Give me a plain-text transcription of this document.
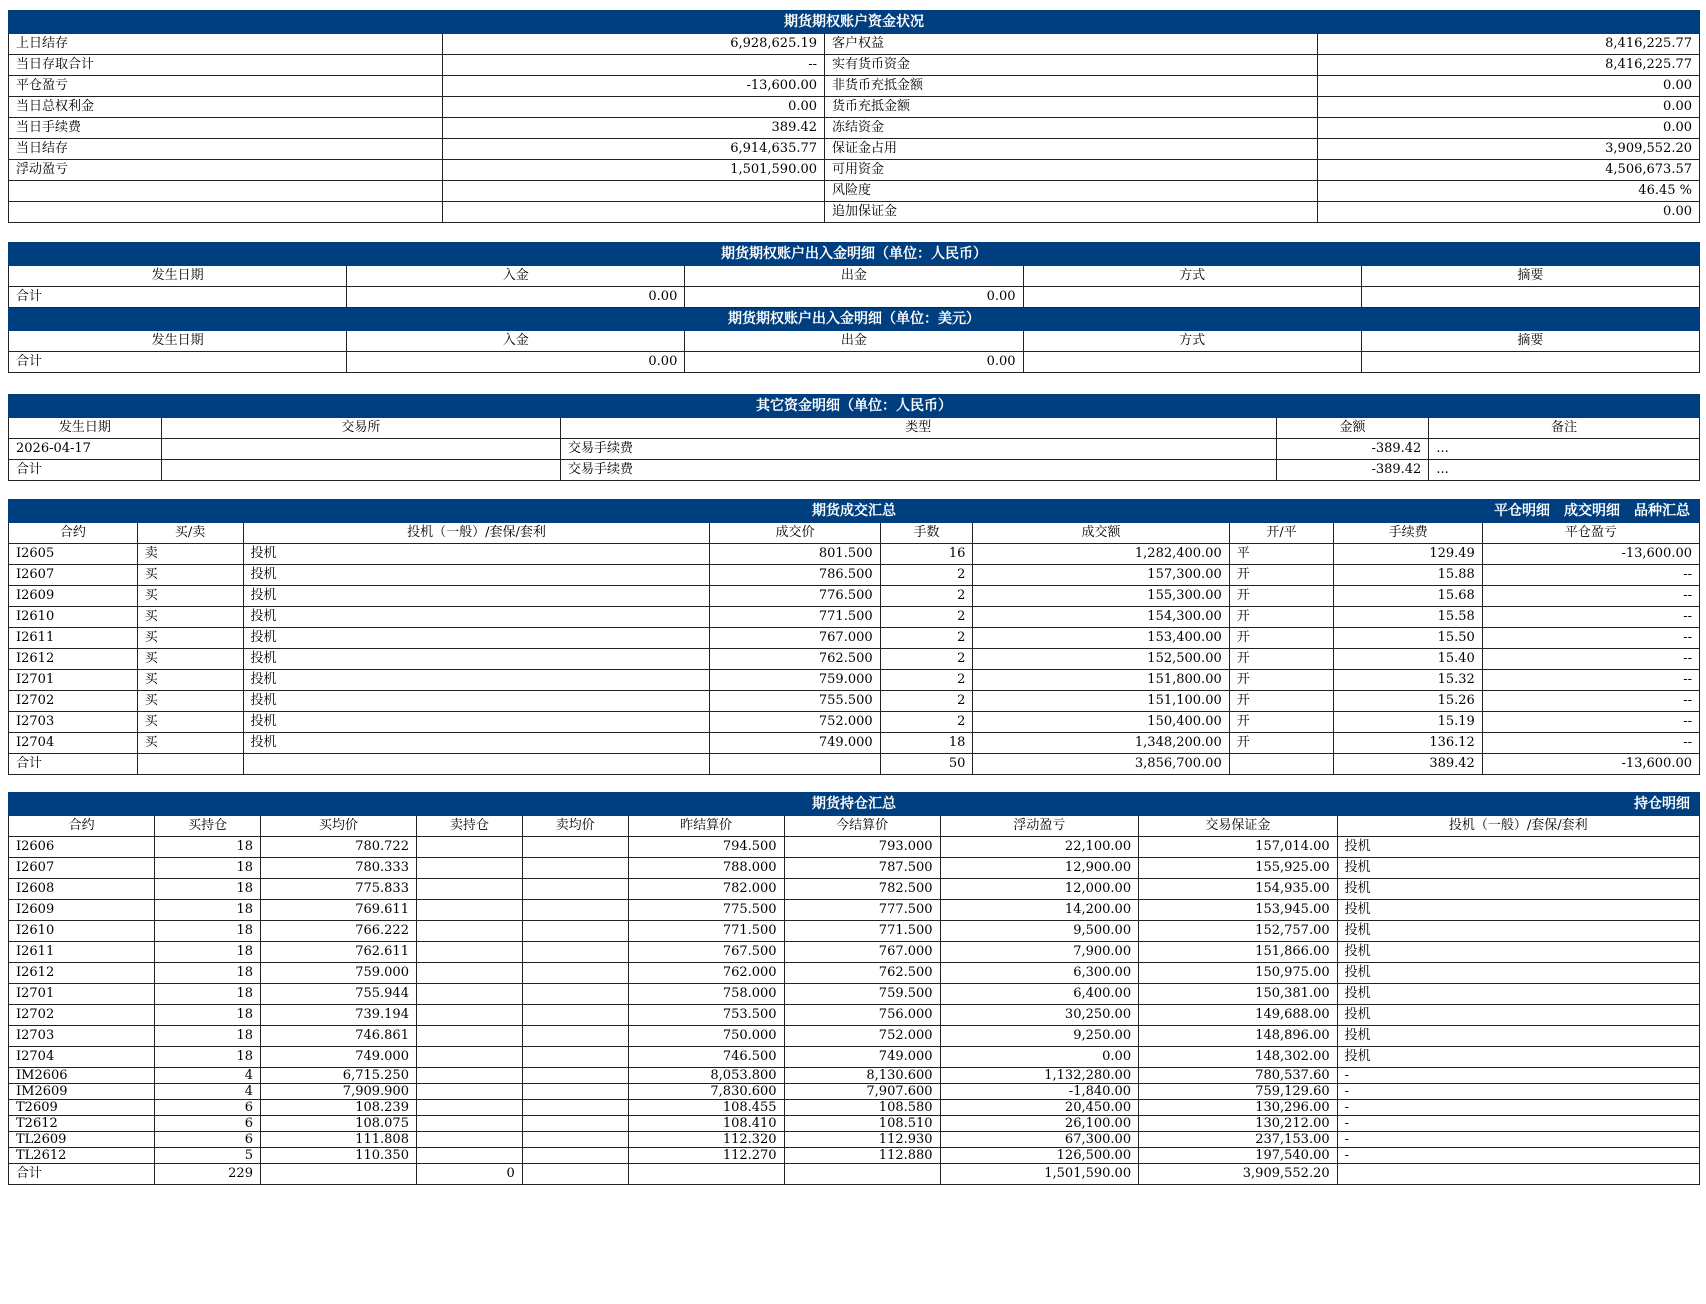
期货期权账户资金状况			
上日结存	6,928,625.19	客户权益	8,416,225.77
当日存取合计	--	实有货币资金	8,416,225.77
平仓盈亏	-13,600.00	非货币充抵金额	0.00
当日总权利金	0.00	货币充抵金额	0.00
当日手续费	389.42	冻结资金	0.00
当日结存	6,914,635.77	保证金占用	3,909,552.20
浮动盈亏	1,501,590.00	可用资金	4,506,673.57
		风险度	46.45 %
		追加保证金	0.00
期货期权账户出入金明细（单位：人民币）				
发生日期	入金	出金	方式	摘要
合计	0.00	0.00		
期货期权账户出入金明细（单位：美元）				
发生日期	入金	出金	方式	摘要
合计	0.00	0.00		
其它资金明细（单位：人民币）				
发生日期	交易所	类型	金额	备注
2026-04-17		交易手续费	-389.42	...
合计		交易手续费	-389.42	...
期货成交汇总 平仓明细 成交明细 品种汇总								

合约	买/卖	投机（一般）/套保/套利	成交价	手数	成交额	开/平	手续费	平仓盈亏
I2605	卖	投机	801.500	16	1,282,400.00	平	129.49	-13,600.00
I2607	买	投机	786.500	2	157,300.00	开	15.88	--
I2609	买	投机	776.500	2	155,300.00	开	15.68	--
I2610	买	投机	771.500	2	154,300.00	开	15.58	--
I2611	买	投机	767.000	2	153,400.00	开	15.50	--
I2612	买	投机	762.500	2	152,500.00	开	15.40	--
I2701	买	投机	759.000	2	151,800.00	开	15.32	--
I2702	买	投机	755.500	2	151,100.00	开	15.26	--
I2703	买	投机	752.000	2	150,400.00	开	15.19	--
I2704	买	投机	749.000	18	1,348,200.00	开	136.12	--
合计				50	3,856,700.00		389.42	-13,600.00
期货持仓汇总 持仓明细									

合约	买持仓	买均价	卖持仓	卖均价	昨结算价	今结算价	浮动盈亏	交易保证金	投机（一般）/套保/套利
I2606	18	780.722			794.500	793.000	22,100.00	157,014.00	投机
I2607	18	780.333			788.000	787.500	12,900.00	155,925.00	投机
I2608	18	775.833			782.000	782.500	12,000.00	154,935.00	投机
I2609	18	769.611			775.500	777.500	14,200.00	153,945.00	投机
I2610	18	766.222			771.500	771.500	9,500.00	152,757.00	投机
I2611	18	762.611			767.500	767.000	7,900.00	151,866.00	投机
I2612	18	759.000			762.000	762.500	6,300.00	150,975.00	投机
I2701	18	755.944			758.000	759.500	6,400.00	150,381.00	投机
I2702	18	739.194			753.500	756.000	30,250.00	149,688.00	投机
I2703	18	746.861			750.000	752.000	9,250.00	148,896.00	投机
I2704	18	749.000			746.500	749.000	0.00	148,302.00	投机
IM2606	4	6,715.250			8,053.800	8,130.600	1,132,280.00	780,537.60	-
IM2609	4	7,909.900			7,830.600	7,907.600	-1,840.00	759,129.60	-
T2609	6	108.239			108.455	108.580	20,450.00	130,296.00	-
T2612	6	108.075			108.410	108.510	26,100.00	130,212.00	-
TL2609	6	111.808			112.320	112.930	67,300.00	237,153.00	-
TL2612	5	110.350			112.270	112.880	126,500.00	197,540.00	-
合计	229		0				1,501,590.00	3,909,552.20	
